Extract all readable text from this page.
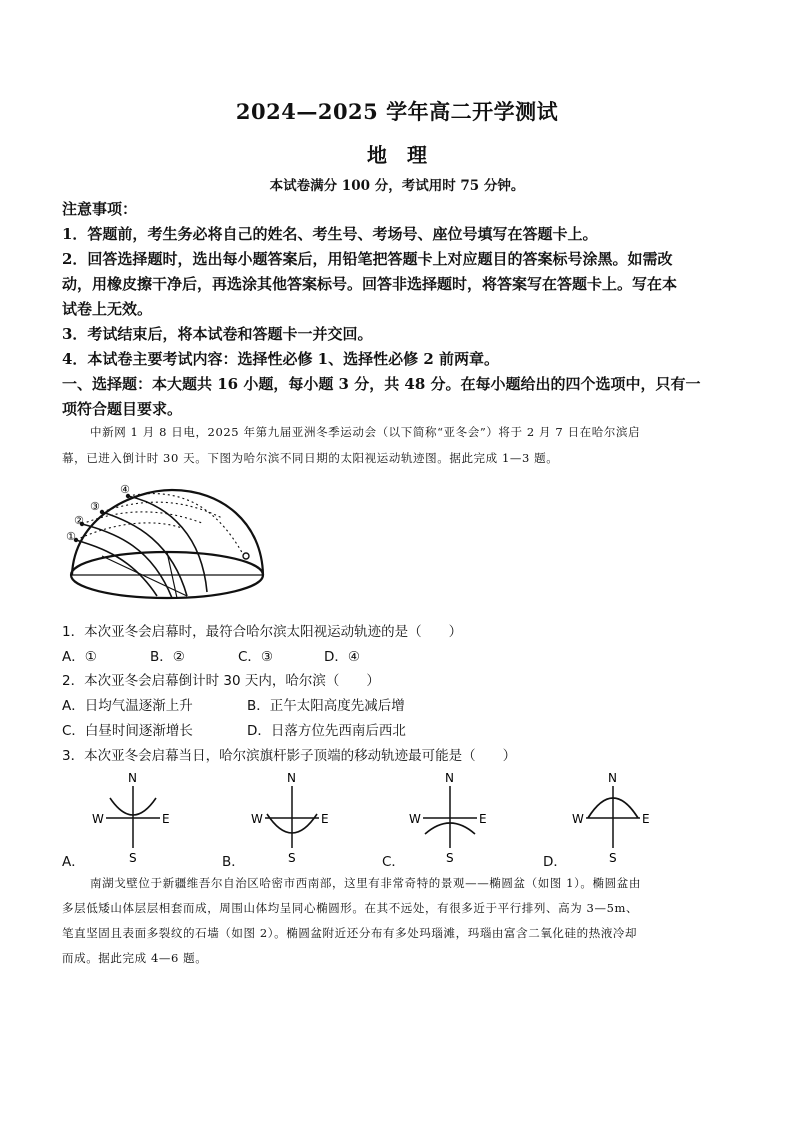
2024—2025 学年高二开学测试
地　理
本试卷满分 100 分，考试用时 75 分钟。
注意事项：
1．答题前，考生务必将自己的姓名、考生号、考场号、座位号填写在答题卡上。
2．回答选择题时，选出每小题答案后，用铅笔把答题卡上对应题目的答案标号涂黑。如需改
动，用橡皮擦干净后，再选涂其他答案标号。回答非选择题时，将答案写在答题卡上。写在本
试卷上无效。
3．考试结束后，将本试卷和答题卡一并交回。
4．本试卷主要考试内容：选择性必修 1、选择性必修 2 前两章。
一、选择题：本大题共 16 小题，每小题 3 分，共 48 分。在每小题给出的四个选项中，只有一
项符合题目要求。
中新网 1 月 8 日电，2025 年第九届亚洲冬季运动会（以下简称“亚冬会”）将于 2 月 7 日在哈尔滨启
幕，已进入倒计时 30 天。下图为哈尔滨不同日期的太阳视运动轨迹图。据此完成 1—3 题。
①
②
③
④
1．本次亚冬会启幕时，最符合哈尔滨太阳视运动轨迹的是（　　）
A．①	B．②	C．③	D．④
2．本次亚冬会启幕倒计时 30 天内，哈尔滨（　　）
A．日均气温逐渐上升	B．正午太阳高度先减后增
C．白昼时间逐渐增长	D．日落方位先西南后西北
3．本次亚冬会启幕当日，哈尔滨旗杆影子顶端的移动轨迹最可能是（　　）
A．	B．	C．	D．
N
S
W	E
N
S
W	E
N
S
W	E
N
S
W	E
南湖戈壁位于新疆维吾尔自治区哈密市西南部，这里有非常奇特的景观——椭圆盆（如图 1）。椭圆盆由
多层低矮山体层层相套而成，周围山体均呈同心椭圆形。在其不远处，有很多近于平行排列、高为 3—5m、
笔直坚固且表面多裂纹的石墙（如图 2）。椭圆盆附近还分布有多处玛瑙滩，玛瑙由富含二氧化硅的热液冷却
而成。据此完成 4—6 题。
